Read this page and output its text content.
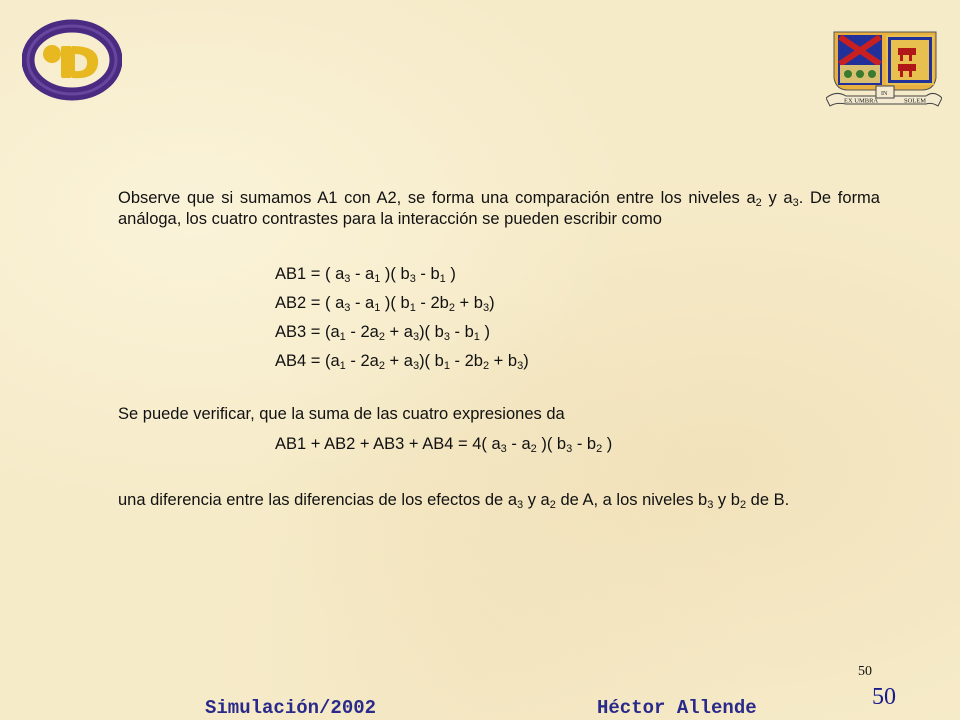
EX UMBRA
IN
SOLEM
Observe que si sumamos A1 con A2, se forma una comparación entre los niveles $a_2$ y $a_3$. De forma análoga, los cuatro contrastes para la interacción se pueden escribir como
AB1 = ( $a_3 - a_1$ )( $b_3 - b_1$ )
AB2 = ( $a_3 - a_1$ )( $b_1 - 2b_2 + b_3$)
$AB3 = (a_1 - 2a_2 + a_3)$( $b_3 - b_1$ )
$AB4 = (a_1 - 2a_2 + a_3)$( $b_1 - 2b_2 + b_3$)
Se puede verificar, que la suma de las cuatro expresiones da
AB1 + AB2 + AB3 + AB4 = 4( $a_3 - a_2$ )( $b_3 - b_2$ )
una diferencia entre las diferencias de los efectos de $a_3$ y $a_2$ de A, a los niveles $b_3$ y $b_2$ de B.
50
50
Simulación/2002	Héctor Allende
